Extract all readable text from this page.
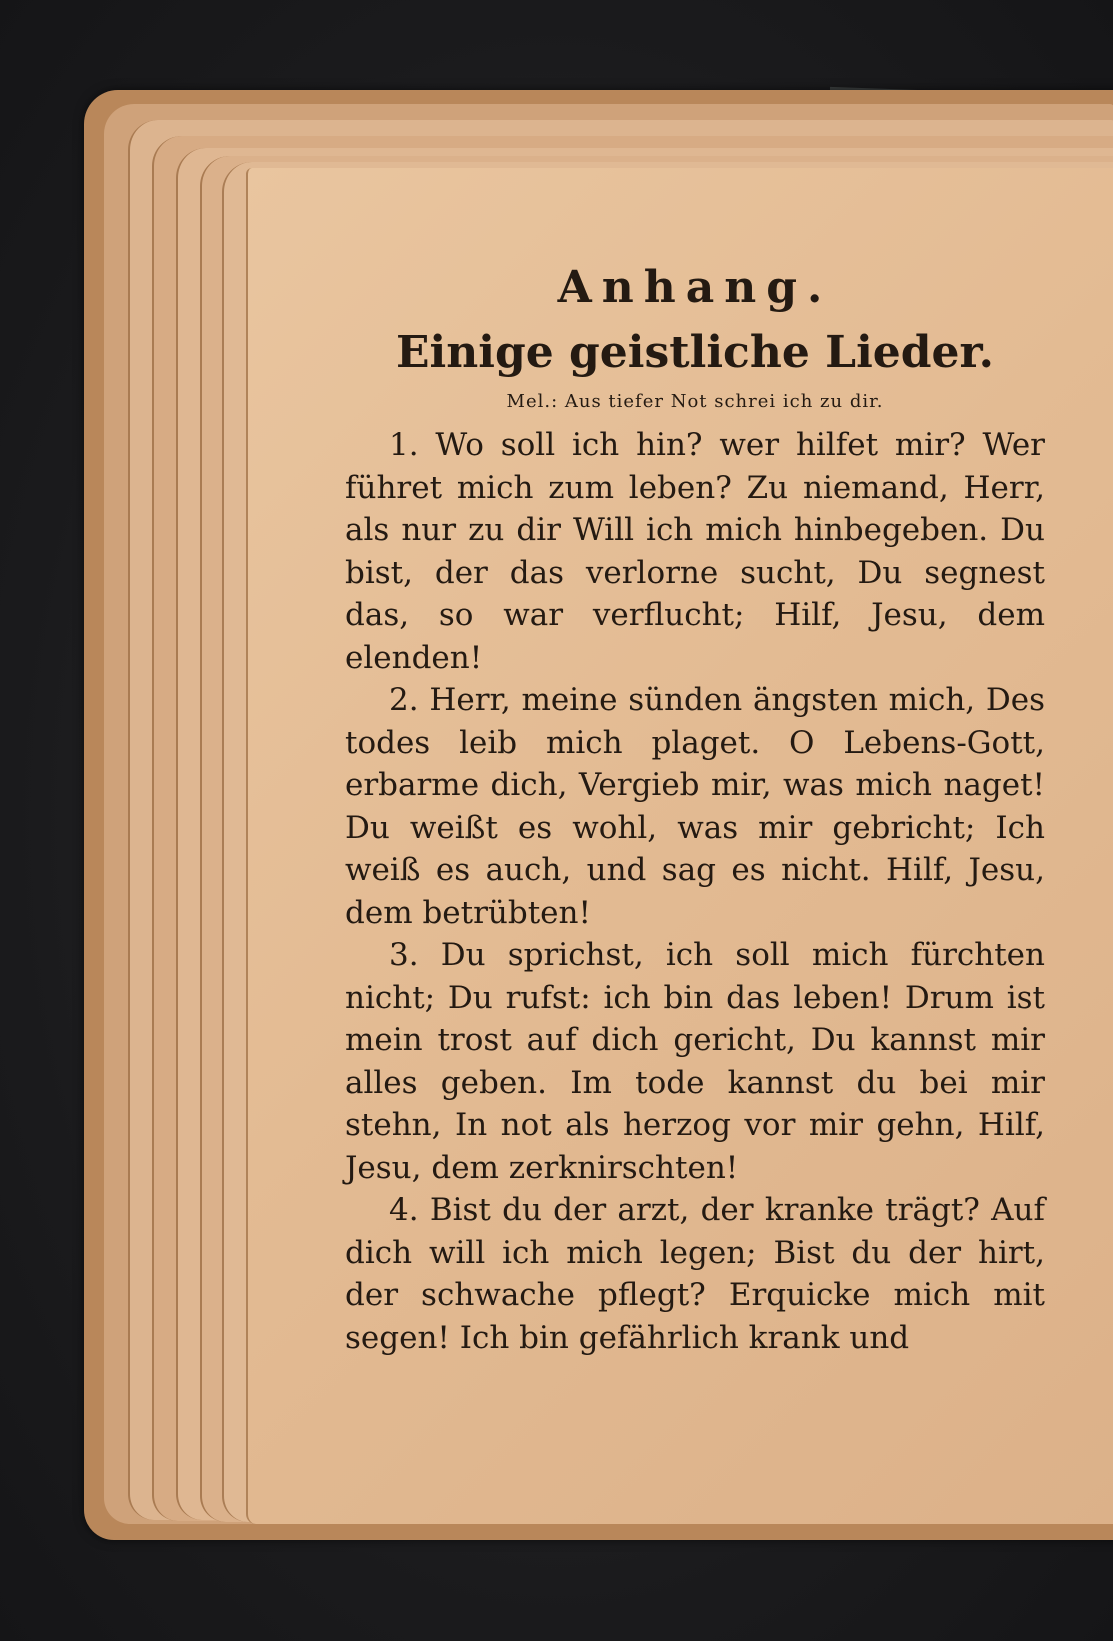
Anhang.
Einige geistliche Lieder.
Mel.: Aus tiefer Not schrei ich zu dir.

1. Wo soll ich hin? wer hilfet mir? Wer führet mich zum leben? Zu niemand, Herr, als nur zu dir Will ich mich hinbegeben. Du bist, der das verlorne sucht, Du segnest das, so war verflucht; Hilf, Jesu, dem elenden!

2. Herr, meine sünden ängsten mich, Des todes leib mich plaget. O Lebens-Gott, erbarme dich, Vergieb mir, was mich naget! Du weißt es wohl, was mir gebricht; Ich weiß es auch, und sag es nicht. Hilf, Jesu, dem betrübten!

3. Du sprichst, ich soll mich fürchten nicht; Du rufst: ich bin das leben! Drum ist mein trost auf dich gericht, Du kannst mir alles geben. Im tode kannst du bei mir stehn, In not als herzog vor mir gehn, Hilf, Jesu, dem zerknirschten!

4. Bist du der arzt, der kranke trägt? Auf dich will ich mich legen; Bist du der hirt, der schwache pflegt? Erquicke mich mit segen! Ich bin gefährlich krank und
